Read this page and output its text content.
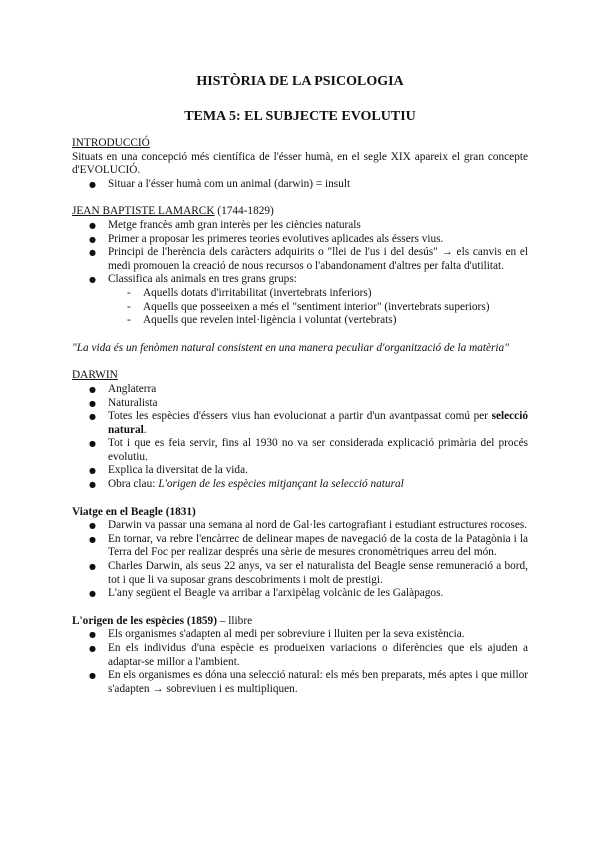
HISTÒRIA DE LA PSICOLOGIA
TEMA 5: EL SUBJECTE EVOLUTIU
INTRODUCCIÓ

Situats en una concepció més científica de l'ésser humà, en el segle XIX apareix el gran concepte d'EVOLUCIÓ.

● Situar a l'ésser humà com un animal (darwin) = insult
JEAN BAPTISTE LAMARCK (1744-1829)
● Metge francès amb gran interès per les ciències naturals
● Primer a proposar les primeres teories evolutives aplicades als éssers vius.
● Principi de l'herència dels caràcters adquirits o "llei de l'us i del desús" → els canvis en el medi promouen la creació de nous recursos o l'abandonament d'altres per falta d'utilitat.
● Classifica als animals en tres grans grups:
- Aquells dotats d'irritabilitat (invertebrats inferiors)
- Aquells que posseeixen a més el "sentiment interior" (invertebrats superiors)
- Aquells que revelen intel·ligència i voluntat (vertebrats)

"La vida és un fenòmen natural consistent en una manera peculiar d'organització de la matèria"

DARWIN
● Anglaterra
● Naturalista
● Totes les espècies d'éssers vius han evolucionat a partir d'un avantpassat comú per selecció natural.
● Tot i que es feia servir, fins al 1930 no va ser considerada explicació primària del procés evolutiu.
● Explica la diversitat de la vida.
● Obra clau: L'origen de les espècies mitjançant la selecció natural
Viatge en el Beagle (1831)
● Darwin va passar una semana al nord de Gal·les cartografiant i estudiant estructures rocoses.
● En tornar, va rebre l'encàrrec de delinear mapes de navegació de la costa de la Patagònia i la Terra del Foc per realizar després una sèrie de mesures cronomètriques arreu del món.
● Charles Darwin, als seus 22 anys, va ser el naturalista del Beagle sense remuneració a bord, tot i que li va suposar grans descobriments i molt de prestigi.
● L'any següent el Beagle va arribar a l'arxipèlag volcànic de les Galàpagos.
L'origen de les espècies (1859) – llibre
● Els organismes s'adapten al medi per sobreviure i lluiten per la seva existència.
● En els individus d'una espècie es produeixen variacions o diferències que els ajuden a adaptar-se millor a l'ambient.
● En els organismes es dóna una selecció natural: els més ben preparats, més aptes i que millor s'adapten → sobreviuen i es multipliquen.
